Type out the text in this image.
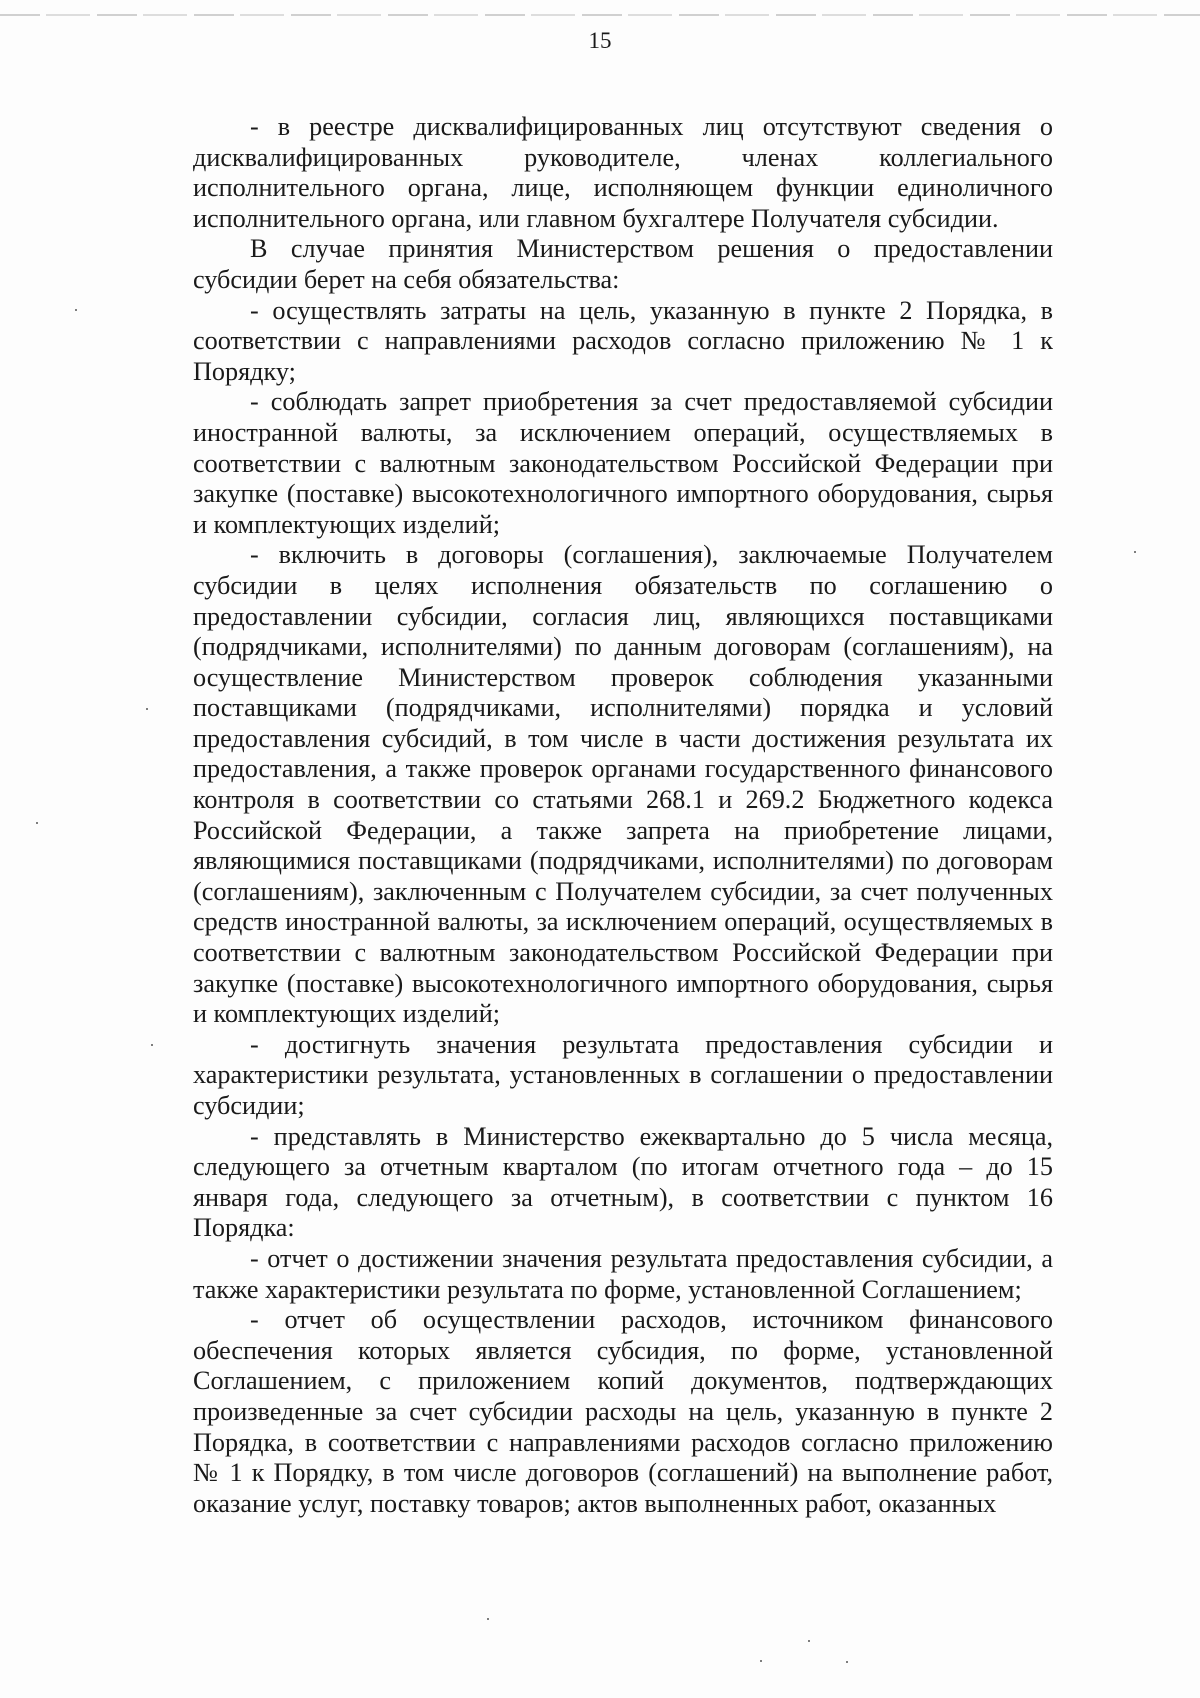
15

- в реестре дисквалифицированных лиц отсутствуют сведения о дисквалифицированных руководителе, членах коллегиального исполнительного органа, лице, исполняющем функции единоличного исполнительного органа, или главном бухгалтере Получателя субсидии.

В случае принятия Министерством решения о предоставлении субсидии берет на себя обязательства:

- осуществлять затраты на цель, указанную в пункте 2 Порядка, в соответствии с направлениями расходов согласно приложению № 1 к Порядку;

- соблюдать запрет приобретения за счет предоставляемой субсидии иностранной валюты, за исключением операций, осуществляемых в соответствии с валютным законодательством Российской Федерации при закупке (поставке) высокотехнологичного импортного оборудования, сырья и комплектующих изделий;

- включить в договоры (соглашения), заключаемые Получателем субсидии в целях исполнения обязательств по соглашению о предоставлении субсидии, согласия лиц, являющихся поставщиками (подрядчиками, исполнителями) по данным договорам (соглашениям), на осуществление Министерством проверок соблюдения указанными поставщиками (подрядчиками, исполнителями) порядка и условий предоставления субсидий, в том числе в части достижения результата их предоставления, а также проверок органами государственного финансового контроля в соответствии со статьями 268.1 и 269.2 Бюджетного кодекса Российской Федерации, а также запрета на приобретение лицами, являющимися поставщиками (подрядчиками, исполнителями) по договорам (соглашениям), заключенным с Получателем субсидии, за счет полученных средств иностранной валюты, за исключением операций, осуществляемых в соответствии с валютным законодательством Российской Федерации при закупке (поставке) высокотехнологичного импортного оборудования, сырья и комплектующих изделий;

- достигнуть значения результата предоставления субсидии и характеристики результата, установленных в соглашении о предоставлении субсидии;

- представлять в Министерство ежеквартально до 5 числа месяца, следующего за отчетным кварталом (по итогам отчетного года – до 15 января года, следующего за отчетным), в соответствии с пунктом 16 Порядка:

- отчет о достижении значения результата предоставления субсидии, а также характеристики результата по форме, установленной Соглашением;

- отчет об осуществлении расходов, источником финансового обеспечения которых является субсидия, по форме, установленной Соглашением, с приложением копий документов, подтверждающих произведенные за счет субсидии расходы на цель, указанную в пункте 2 Порядка, в соответствии с направлениями расходов согласно приложению № 1 к Порядку, в том числе договоров (соглашений) на выполнение работ, оказание услуг, поставку товаров; актов выполненных работ, оказанных
